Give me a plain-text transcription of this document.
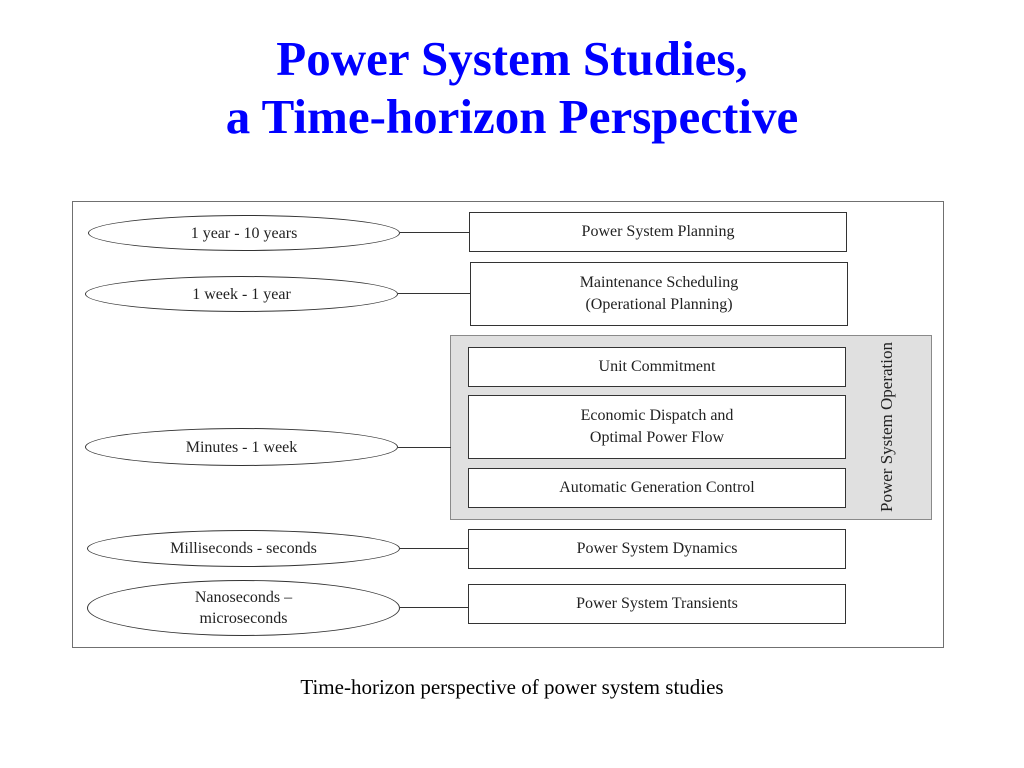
Power System Studies,
a Time-horizon Perspective
Power System Operation
1 year - 10 years	Power System Planning
1 week - 1 year
Maintenance Scheduling
(Operational Planning)
Unit Commitment
Economic Dispatch and
Optimal Power Flow
Automatic Generation Control
Minutes - 1 week
Milliseconds - seconds	Power System Dynamics
Nanoseconds –
microseconds
Power System Transients
Time-horizon perspective of power system studies
